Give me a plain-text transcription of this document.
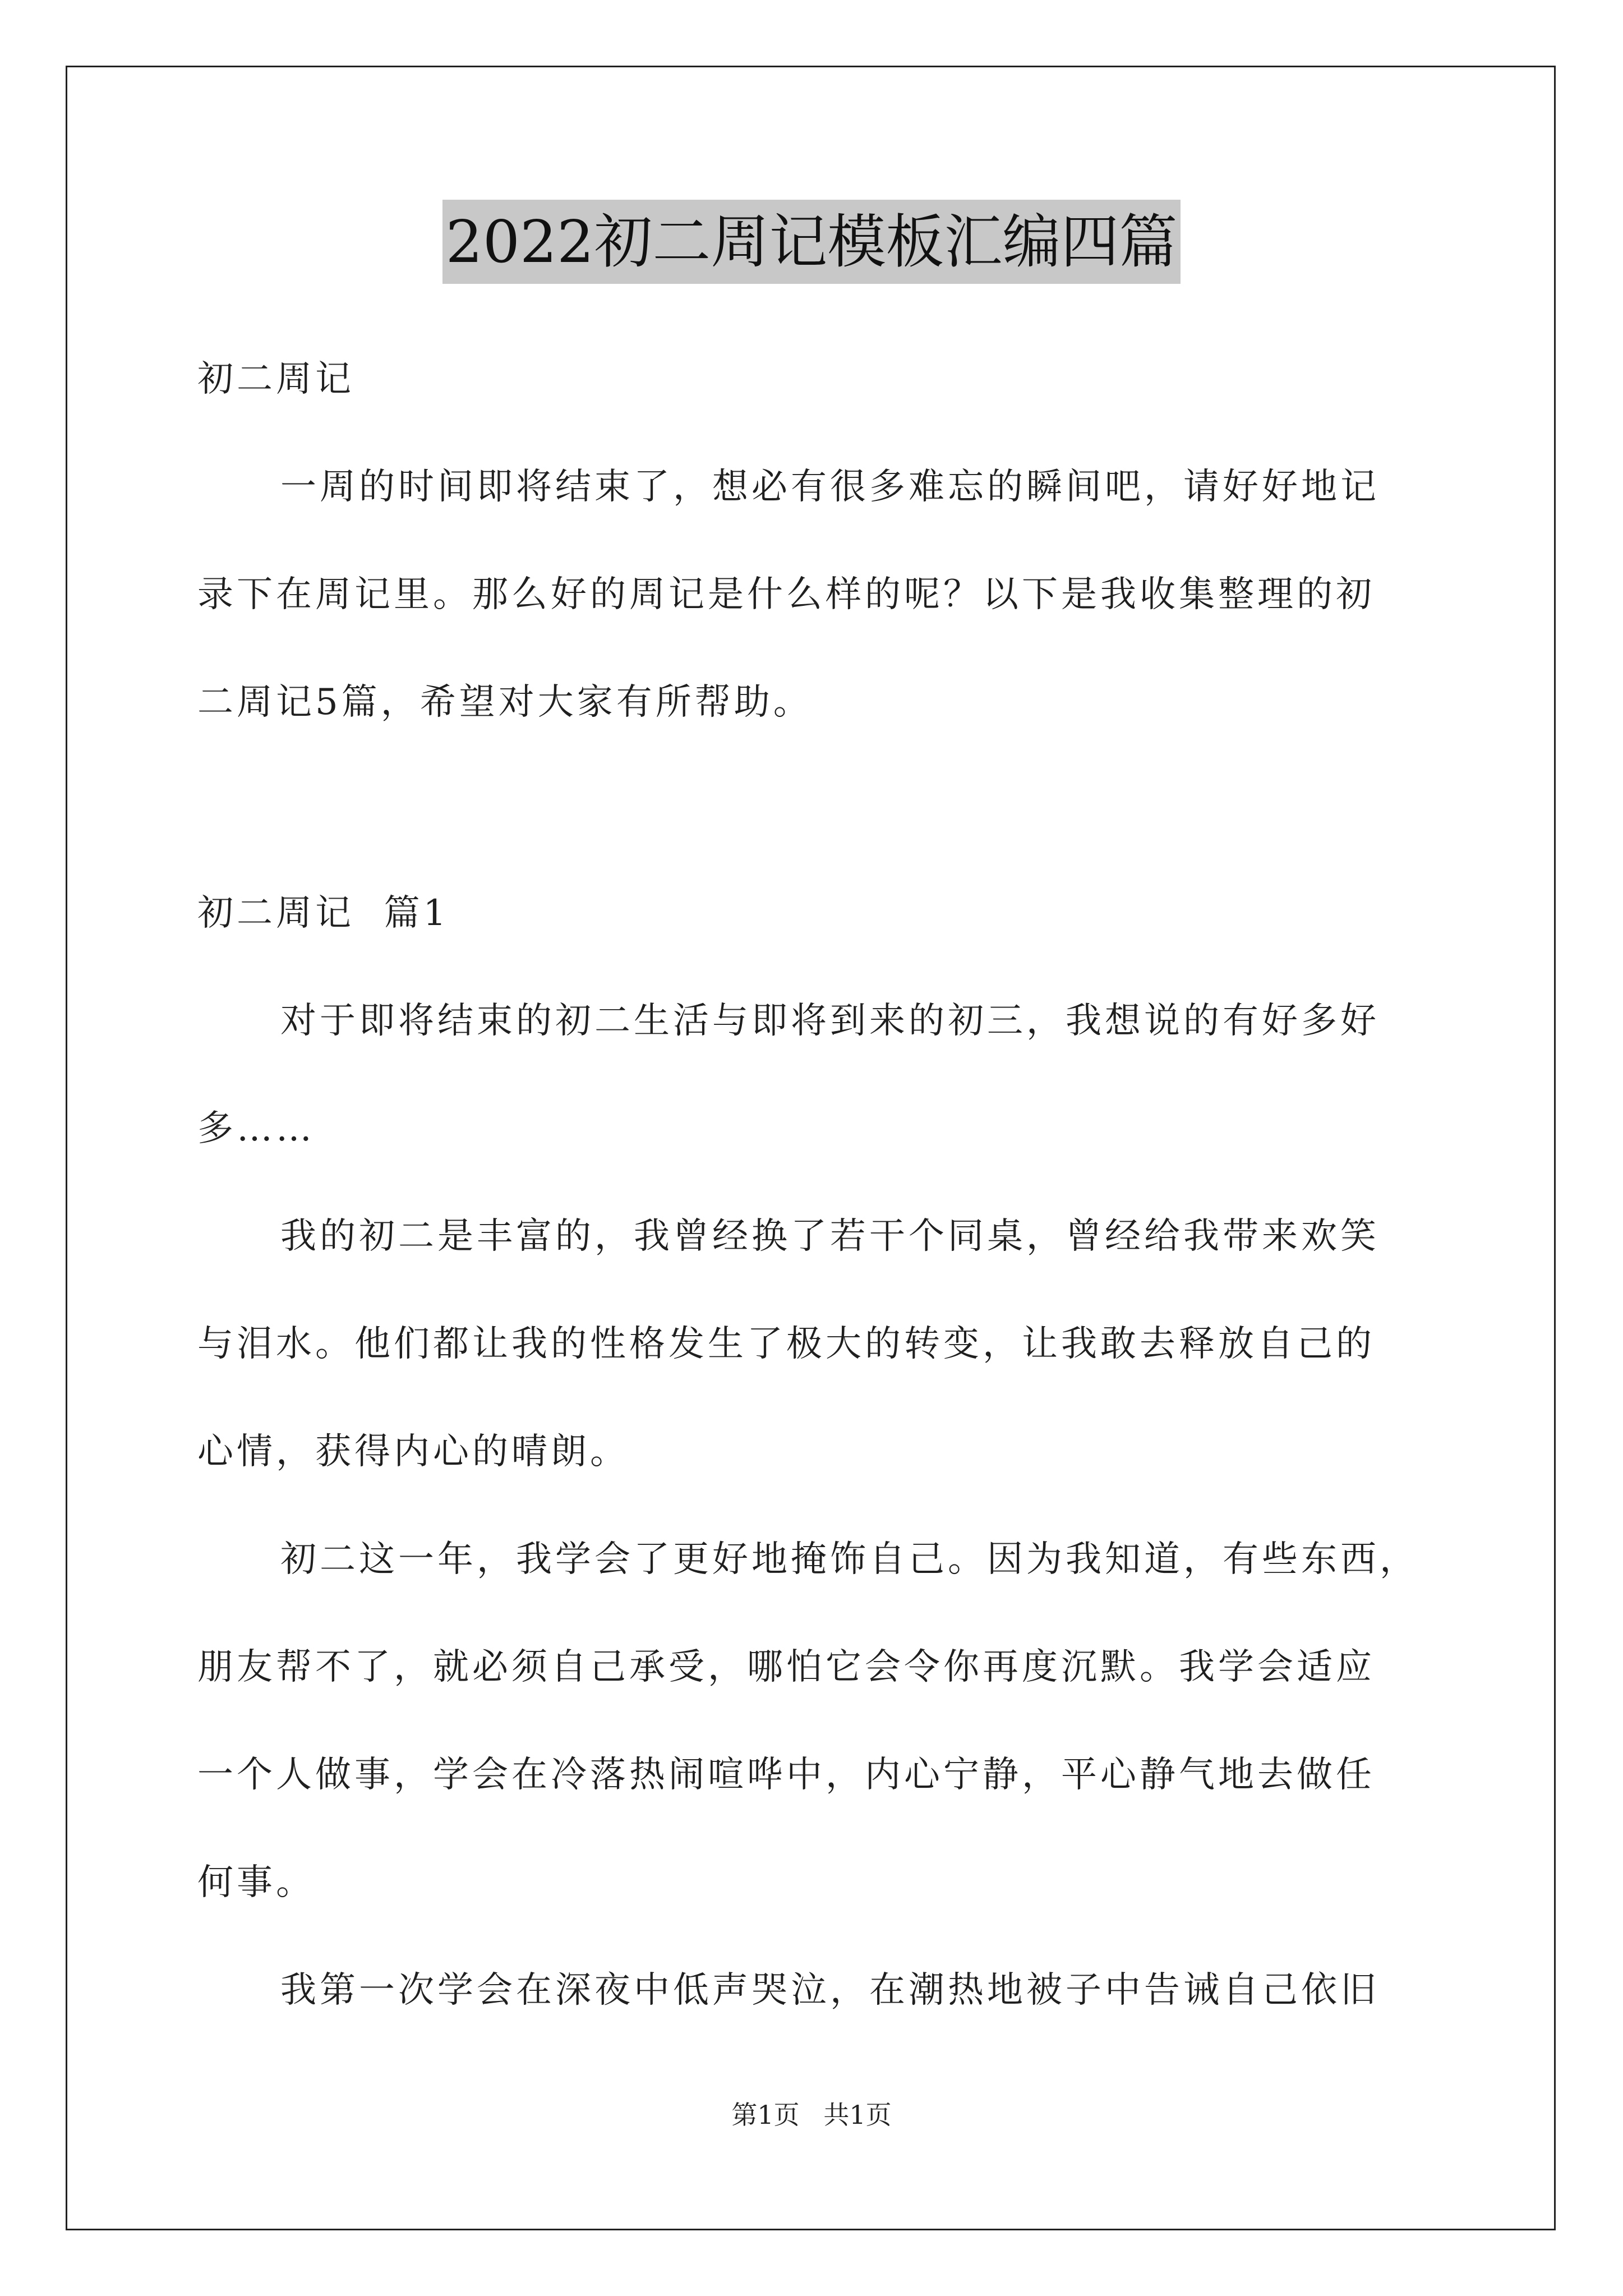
2022初二周记模板汇编四篇
初二周记
一周的时间即将结束了，想必有很多难忘的瞬间吧，请好好地记
录下在周记里。那么好的周记是什么样的呢？以下是我收集整理的初
二周记5篇，希望对大家有所帮助。
初二周记  篇1
对于即将结束的初二生活与即将到来的初三，我想说的有好多好
多……
我的初二是丰富的，我曾经换了若干个同桌，曾经给我带来欢笑
与泪水。他们都让我的性格发生了极大的转变，让我敢去释放自己的
心情，获得内心的晴朗。
初二这一年，我学会了更好地掩饰自己。因为我知道，有些东西，
朋友帮不了，就必须自己承受，哪怕它会令你再度沉默。我学会适应
一个人做事，学会在冷落热闹喧哗中，内心宁静，平心静气地去做任
何事。
我第一次学会在深夜中低声哭泣，在潮热地被子中告诫自己依旧
第1页 共1页
